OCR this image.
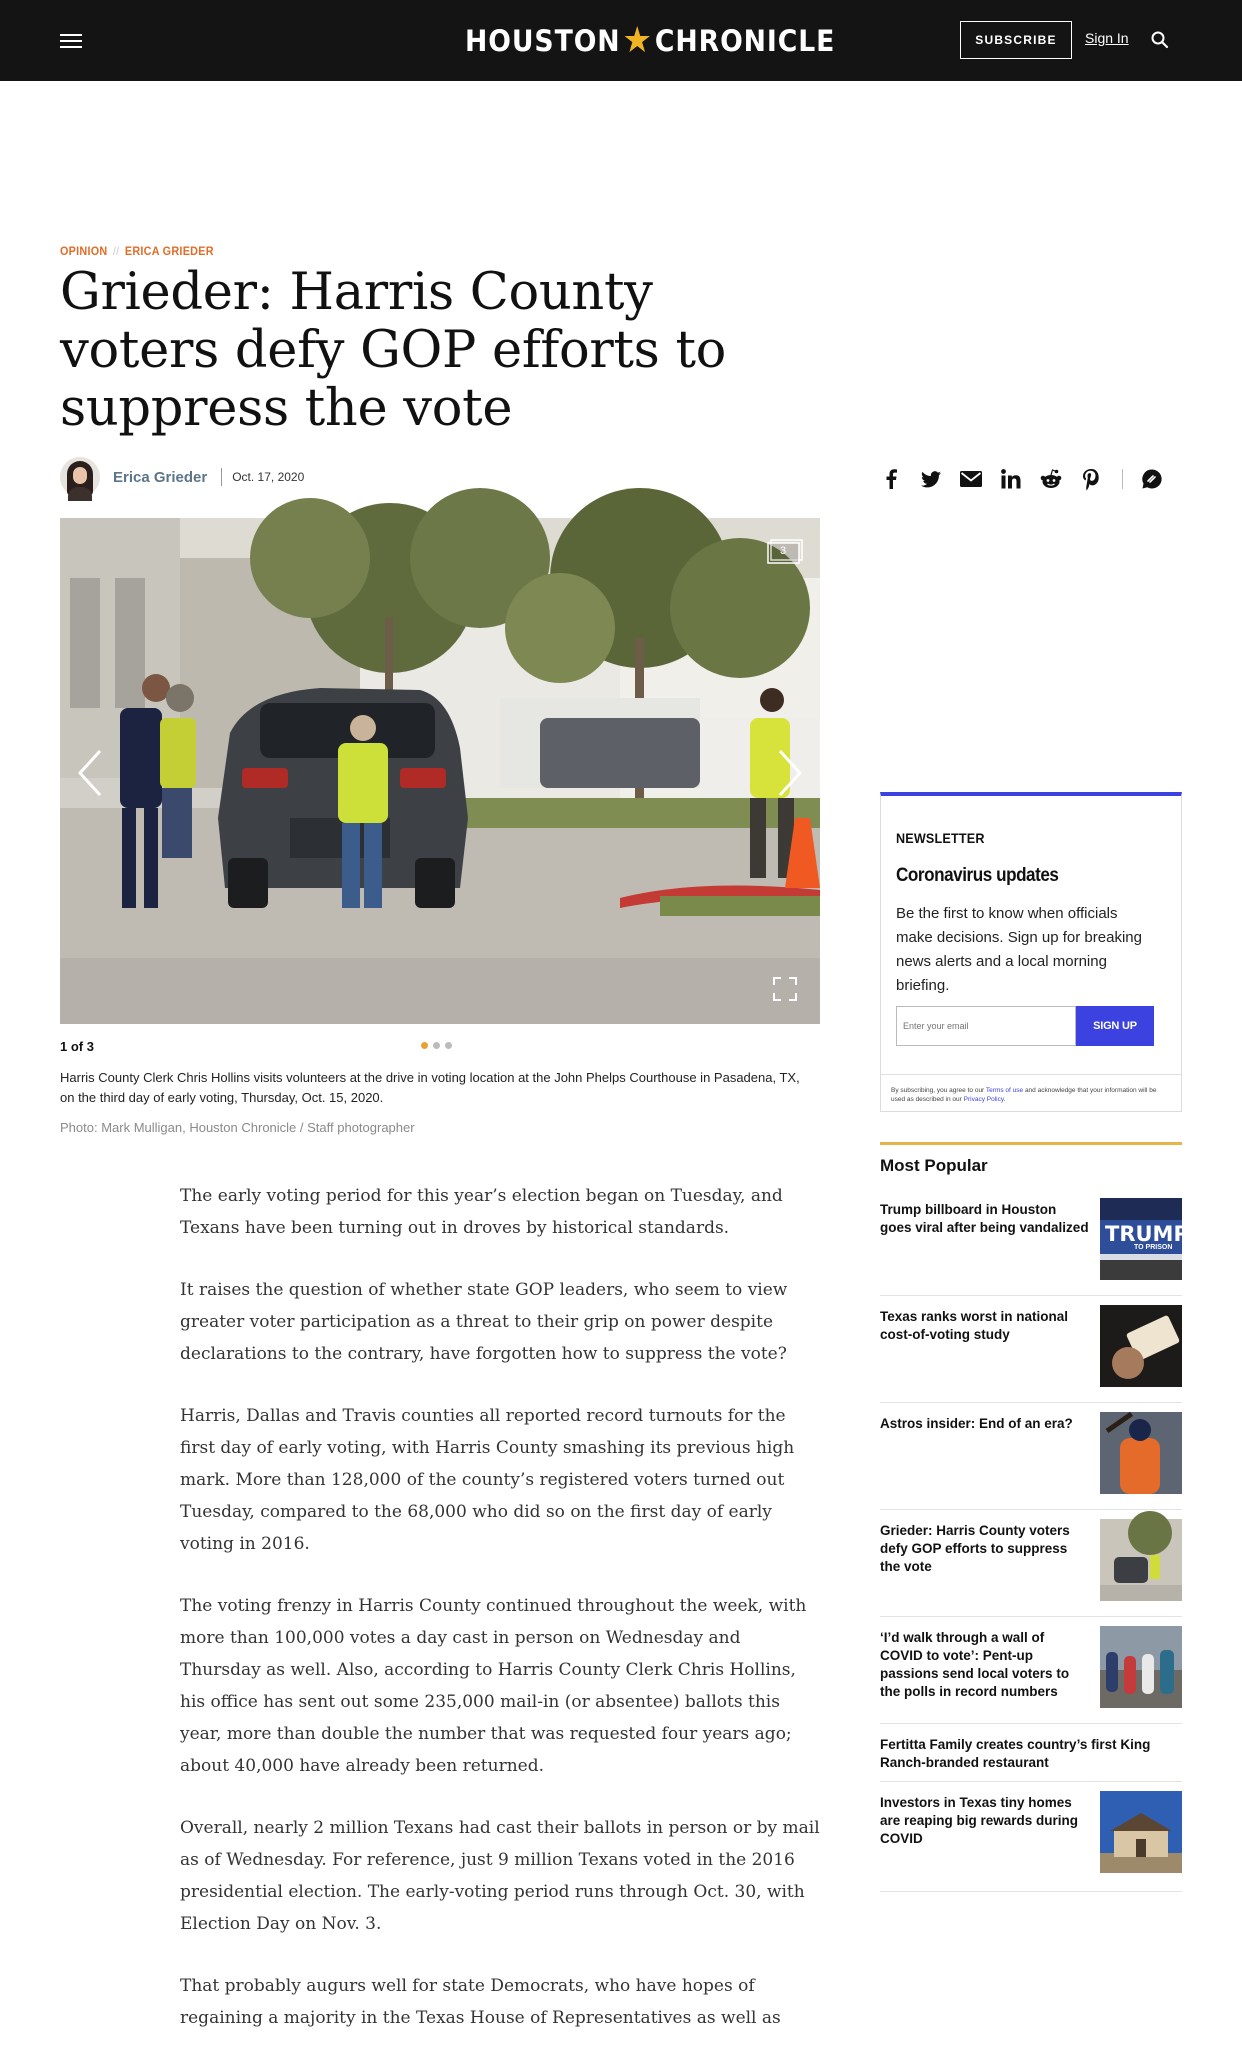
HOUSTON ★ CHRONICLE	SUBSCRIBE	Sign In
OPINION // ERICA GRIEDER
Grieder: Harris County voters defy GOP efforts to suppress the vote
Erica Grieder Oct. 17, 2020
3
1 of 3
Harris County Clerk Chris Hollins visits volunteers at the drive in voting location at the John Phelps Courthouse in Pasadena, TX, on the third day of early voting, Thursday, Oct. 15, 2020.
Photo: Mark Mulligan, Houston Chronicle / Staff photographer

The early voting period for this year’s election began on Tuesday, and Texans have been turning out in droves by historical standards.

It raises the question of whether state GOP leaders, who seem to view greater voter participation as a threat to their grip on power despite declarations to the contrary, have forgotten how to suppress the vote?

Harris, Dallas and Travis counties all reported record turnouts for the first day of early voting, with Harris County smashing its previous high mark. More than 128,000 of the county’s registered voters turned out Tuesday, compared to the 68,000 who did so on the first day of early voting in 2016.

The voting frenzy in Harris County continued throughout the week, with more than 100,000 votes a day cast in person on Wednesday and Thursday as well. Also, according to Harris County Clerk Chris Hollins, his office has sent out some 235,000 mail-in (or absentee) ballots this year, more than double the number that was requested four years ago; about 40,000 have already been returned.

Overall, nearly 2 million Texans had cast their ballots in person or by mail as of Wednesday. For reference, just 9 million Texans voted in the 2016 presidential election. The early-voting period runs through Oct. 30, with Election Day on Nov. 3.

That probably augurs well for state Democrats, who have hopes of regaining a majority in the Texas House of Representatives as well as

NEWSLETTER
Coronavirus updates
Be the first to know when officials make decisions. Sign up for breaking news alerts and a local morning briefing.
Enter your email
SIGN UP
By subscribing, you agree to our Terms of use and acknowledge that your information will be used as described in our Privacy Policy.
Most Popular
Trump billboard in Houston goes viral after being vandalized TRUMP
TO PRISON
Texas ranks worst in national cost-of-voting study
Astros insider: End of an era?
Grieder: Harris County voters defy GOP efforts to suppress the vote
‘I’d walk through a wall of COVID to vote’: Pent-up passions send local voters to the polls in record numbers
Fertitta Family creates country’s first King Ranch-branded restaurant
Investors in Texas tiny homes are reaping big rewards during COVID
